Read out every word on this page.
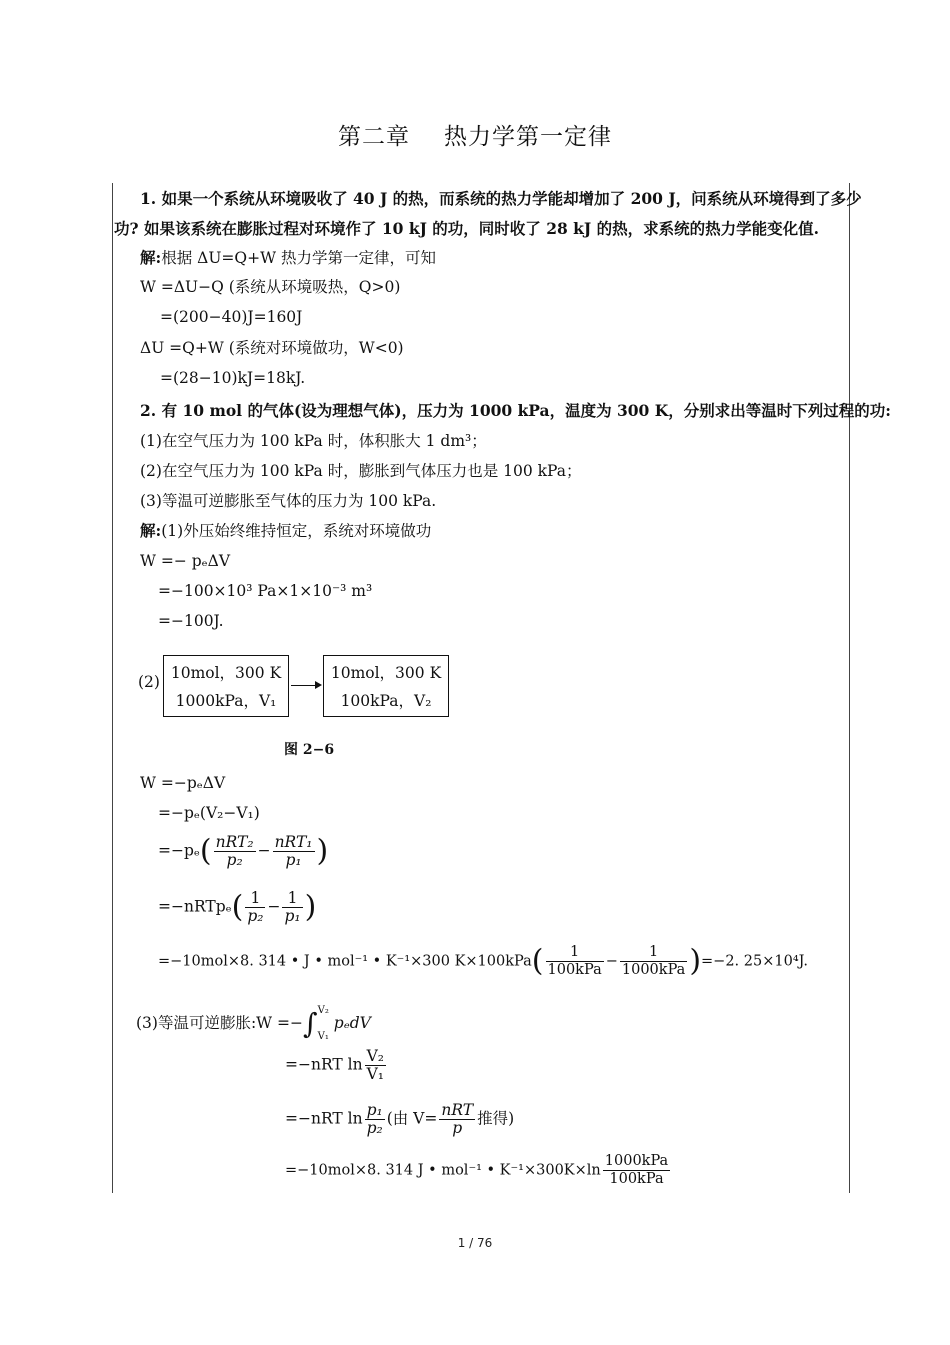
第二章 热力学第一定律
1. 如果一个系统从环境吸收了 40 J 的热，而系统的热力学能却增加了 200 J，问系统从环境得到了多少
功? 如果该系统在膨胀过程对环境作了 10 kJ 的功，同时收了 28 kJ 的热，求系统的热力学能变化值.
解:根据 ΔU=Q+W 热力学第一定律，可知
W =ΔU−Q (系统从环境吸热，Q>0)
=(200−40)J=160J
ΔU =Q+W (系统对环境做功，W<0)
=(28−10)kJ=18kJ.
2. 有 10 mol 的气体(设为理想气体)，压力为 1000 kPa，温度为 300 K，分别求出等温时下列过程的功:
(1)在空气压力为 100 kPa 时，体积胀大 1 dm³；
(2)在空气压力为 100 kPa 时，膨胀到气体压力也是 100 kPa；
(3)等温可逆膨胀至气体的压力为 100 kPa.
解:(1)外压始终维持恒定，系统对环境做功
W =− pₑΔV
=−100×10³ Pa×1×10⁻³ m³
=−100J.
(2) 10mol，300 K
1000kPa，V₁
10mol，300 K
100kPa，V₂
图 2−6
W =−pₑΔV
=−pₑ(V₂−V₁)
$=-p_e( \frac{\text{nRT₂}}{\text{p₂}} - \frac{\text{nRT₁}}{\text{p₁}}$ )
=−nRTpₑ( $\frac{1}{\text{p₂}} - \frac{1}{\text{p₁}}$ )
=−10mol×8. 314 • J • mol⁻¹ • K⁻¹×300 $K\times 100kPa( \frac{1}{\text{100kPa}} - \frac{1}{\text{1000kPa}} )=-2$. 25×10⁴J.
(3)等温可逆膨胀:W =−∫ V₂
V₁
pₑdV
=−nRT $\ln \frac{\text{V₂}}{\text{V₁}}$
=−nRT $\ln \frac{\text{p₁}}{\text{p₂}}$ (由 $V= \frac{\text{nRT}}{p}$ 推得)
=−10mol×8. 314 J • mol⁻¹ • $K^{-1}\times 300K\times\ln \frac{\text{1000kPa}}{\text{100kPa}}$
1 / 76
